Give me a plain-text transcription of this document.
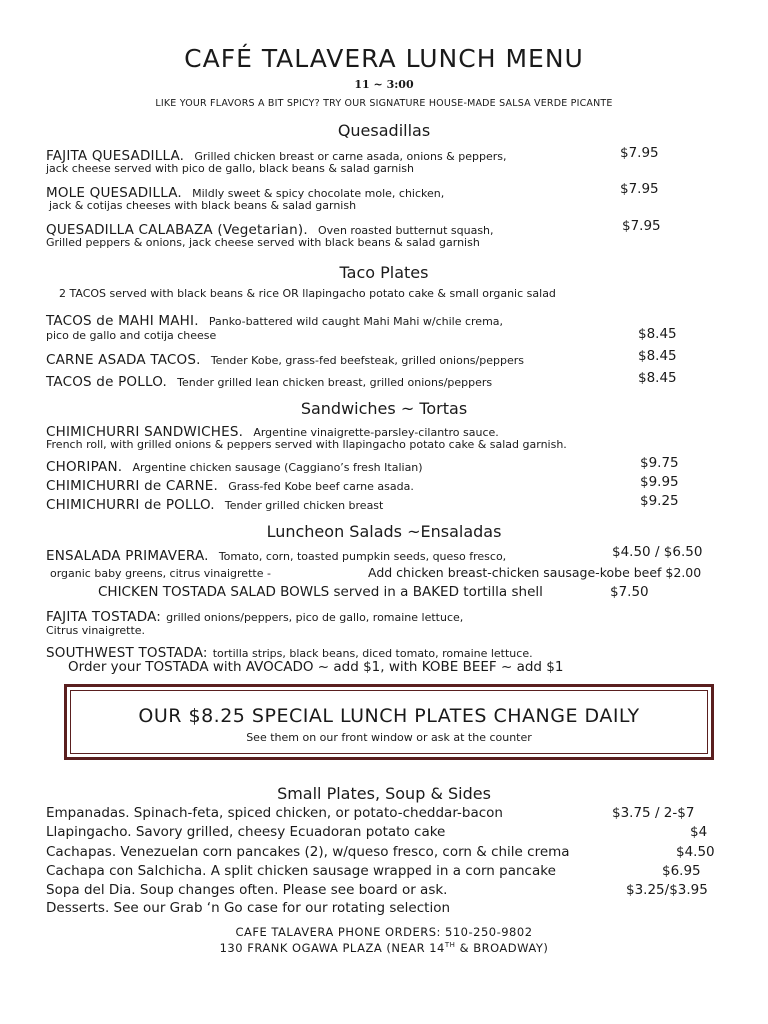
CAFÉ TALAVERA LUNCH MENU
11 ~ 3:00
LIKE YOUR FLAVORS A BIT SPICY? TRY OUR SIGNATURE HOUSE-MADE SALSA VERDE PICANTE
Quesadillas
FAJITA QUESADILLA. Grilled chicken breast or carne asada, onions & peppers,	$7.95
jack cheese served with pico de gallo, black beans & salad garnish
MOLE QUESADILLA. Mildly sweet & spicy chocolate mole, chicken,	$7.95
jack & cotijas cheeses with black beans & salad garnish
QUESADILLA CALABAZA (Vegetarian). Oven roasted butternut squash,	$7.95
Grilled peppers & onions, jack cheese served with black beans & salad garnish
Taco Plates
2 TACOS served with black beans & rice OR llapingacho potato cake & small organic salad
TACOS de MAHI MAHI. Panko-battered wild caught Mahi Mahi w/chile crema,
pico de gallo and cotija cheese	$8.45
CARNE ASADA TACOS. Tender Kobe, grass-fed beefsteak, grilled onions/peppers	$8.45
TACOS de POLLO. Tender grilled lean chicken breast, grilled onions/peppers	$8.45
Sandwiches ~ Tortas
CHIMICHURRI SANDWICHES. Argentine vinaigrette-parsley-cilantro sauce.
French roll, with grilled onions & peppers served with llapingacho potato cake & salad garnish.
CHORIPAN. Argentine chicken sausage (Caggiano’s fresh Italian)	$9.75
CHIMICHURRI de CARNE. Grass-fed Kobe beef carne asada.	$9.95
CHIMICHURRI de POLLO. Tender grilled chicken breast	$9.25
Luncheon Salads ~Ensaladas
ENSALADA PRIMAVERA. Tomato, corn, toasted pumpkin seeds, queso fresco,	$4.50 / $6.50
organic baby greens, citrus vinaigrette -	Add chicken breast-chicken sausage-kobe beef $2.00
CHICKEN TOSTADA SALAD BOWLS served in a BAKED tortilla shell	$7.50
FAJITA TOSTADA: grilled onions/peppers, pico de gallo, romaine lettuce,
Citrus vinaigrette.
SOUTHWEST TOSTADA: tortilla strips, black beans, diced tomato, romaine lettuce.
Order your TOSTADA with AVOCADO ~ add $1, with KOBE BEEF ~ add $1
OUR $8.25 SPECIAL LUNCH PLATES CHANGE DAILY
See them on our front window or ask at the counter
Small Plates, Soup & Sides
Empanadas. Spinach-feta, spiced chicken, or potato-cheddar-bacon	$3.75 / 2-$7
Llapingacho. Savory grilled, cheesy Ecuadoran potato cake	$4
Cachapas. Venezuelan corn pancakes (2), w/queso fresco, corn & chile crema	$4.50
Cachapa con Salchicha. A split chicken sausage wrapped in a corn pancake	$6.95
Sopa del Dia. Soup changes often. Please see board or ask.	$3.25/$3.95
Desserts. See our Grab ‘n Go case for our rotating selection
CAFE TALAVERA PHONE ORDERS: 510-250-9802
130 FRANK OGAWA PLAZA (NEAR 14TH & BROADWAY)
